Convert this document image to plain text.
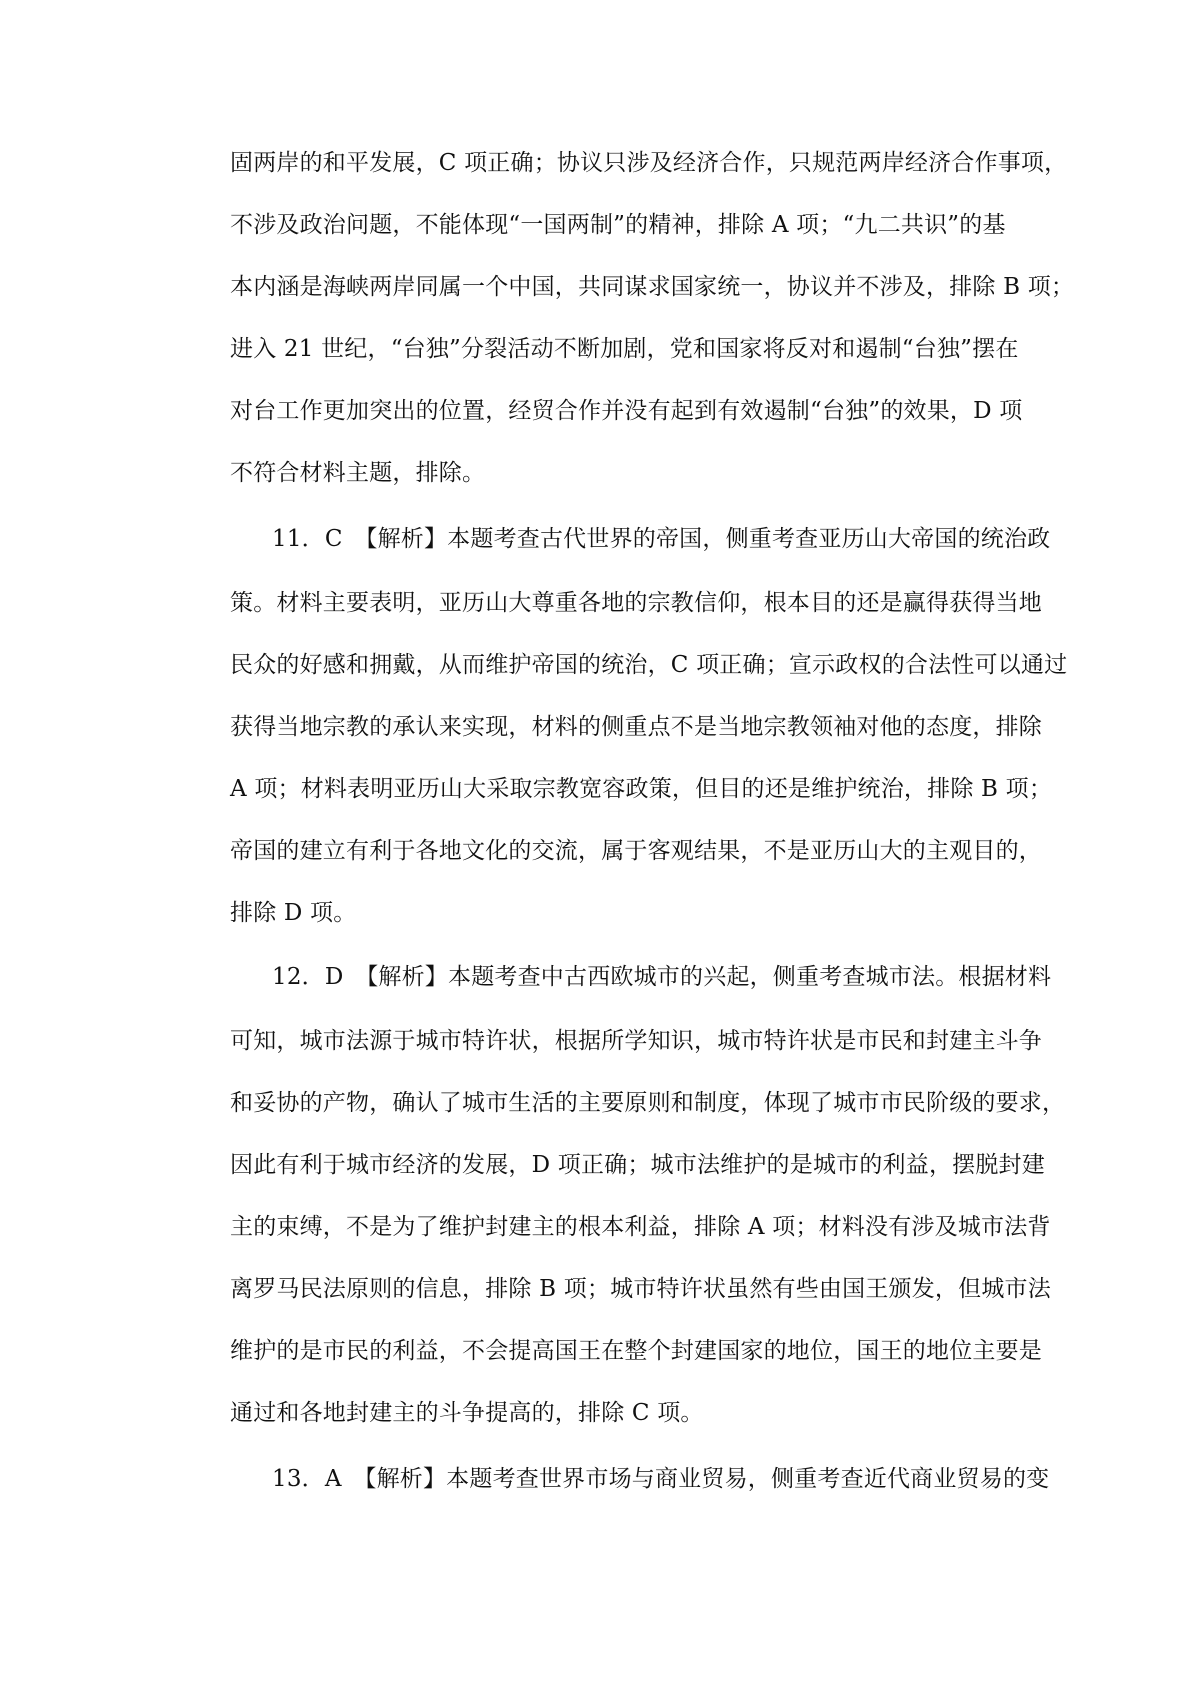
固两岸的和平发展，C 项正确；协议只涉及经济合作，只规范两岸经济合作事项，
不涉及政治问题，不能体现“一国两制”的精神，排除 A 项；“九二共识”的基
本内涵是海峡两岸同属一个中国，共同谋求国家统一，协议并不涉及，排除 B 项；
进入 21 世纪，“台独”分裂活动不断加剧，党和国家将反对和遏制“台独”摆在
对台工作更加突出的位置，经贸合作并没有起到有效遏制“台独”的效果，D 项
不符合材料主题，排除。
11．C　【解析】本题考查古代世界的帝国，侧重考查亚历山大帝国的统治政
策。材料主要表明，亚历山大尊重各地的宗教信仰，根本目的还是赢得获得当地
民众的好感和拥戴，从而维护帝国的统治，C 项正确；宣示政权的合法性可以通过
获得当地宗教的承认来实现，材料的侧重点不是当地宗教领袖对他的态度，排除
A 项；材料表明亚历山大采取宗教宽容政策，但目的还是维护统治，排除 B 项；
帝国的建立有利于各地文化的交流，属于客观结果，不是亚历山大的主观目的，
排除 D 项。
12．D　【解析】本题考查中古西欧城市的兴起，侧重考查城市法。根据材料
可知，城市法源于城市特许状，根据所学知识，城市特许状是市民和封建主斗争
和妥协的产物，确认了城市生活的主要原则和制度，体现了城市市民阶级的要求，
因此有利于城市经济的发展，D 项正确；城市法维护的是城市的利益，摆脱封建
主的束缚，不是为了维护封建主的根本利益，排除 A 项；材料没有涉及城市法背
离罗马民法原则的信息，排除 B 项；城市特许状虽然有些由国王颁发，但城市法
维护的是市民的利益，不会提高国王在整个封建国家的地位，国王的地位主要是
通过和各地封建主的斗争提高的，排除 C 项。
13．A　【解析】本题考查世界市场与商业贸易，侧重考查近代商业贸易的变
